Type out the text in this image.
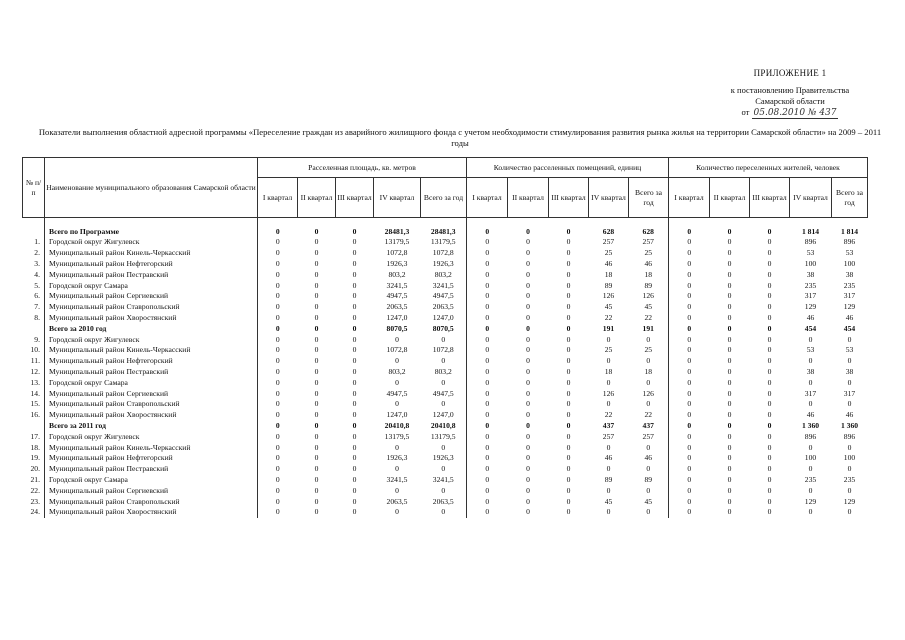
ПРИЛОЖЕНИЕ 1
к постановлению Правительства
Самарской области
от 05.08.2010 № 437
Показатели выполнения областной адресной программы «Переселение граждан из аварийного жилищного фонда с учетом необходимости стимулирования развития рынка жилья на территории Самарской области» на 2009 – 2011 годы
№ п/п	Наименование муниципального образования Самарской области	Расселенная площадь, кв. метров					Количество расселенных помещений, единиц					Количество переселенных жителей, человек				
		I квартал	II квартал	III квартал	IV квартал	Всего за год	I квартал	II квартал	III квартал	IV квартал	Всего за год	I квартал	II квартал	III квартал	IV квартал	Всего за год

	Всего по Программе	0	0	0	28481,3	28481,3	0	0	0	628	628	0	0	0	1 814	1 814
1.	Городской округ Жигулевск	0	0	0	13179,5	13179,5	0	0	0	257	257	0	0	0	896	896
2.	Муниципальный район Кинель-Черкасский	0	0	0	1072,8	1072,8	0	0	0	25	25	0	0	0	53	53
3.	Муниципальный район Нефтегорский	0	0	0	1926,3	1926,3	0	0	0	46	46	0	0	0	100	100
4.	Муниципальный район Пестравский	0	0	0	803,2	803,2	0	0	0	18	18	0	0	0	38	38
5.	Городской округ Самара	0	0	0	3241,5	3241,5	0	0	0	89	89	0	0	0	235	235
6.	Муниципальный район Сергиевский	0	0	0	4947,5	4947,5	0	0	0	126	126	0	0	0	317	317
7.	Муниципальный район Ставропольский	0	0	0	2063,5	2063,5	0	0	0	45	45	0	0	0	129	129
8.	Муниципальный район Хворостянский	0	0	0	1247,0	1247,0	0	0	0	22	22	0	0	0	46	46
	Всего за 2010 год	0	0	0	8070,5	8070,5	0	0	0	191	191	0	0	0	454	454
9.	Городской округ Жигулевск	0	0	0	0	0	0	0	0	0	0	0	0	0	0	0
10.	Муниципальный район Кинель-Черкасский	0	0	0	1072,8	1072,8	0	0	0	25	25	0	0	0	53	53
11.	Муниципальный район Нефтегорский	0	0	0	0	0	0	0	0	0	0	0	0	0	0	0
12.	Муниципальный район Пестравский	0	0	0	803,2	803,2	0	0	0	18	18	0	0	0	38	38
13.	Городской округ Самара	0	0	0	0	0	0	0	0	0	0	0	0	0	0	0
14.	Муниципальный район Сергиевский	0	0	0	4947,5	4947,5	0	0	0	126	126	0	0	0	317	317
15.	Муниципальный район Ставропольский	0	0	0	0	0	0	0	0	0	0	0	0	0	0	0
16.	Муниципальный район Хворостянский	0	0	0	1247,0	1247,0	0	0	0	22	22	0	0	0	46	46
	Всего за 2011 год	0	0	0	20410,8	20410,8	0	0	0	437	437	0	0	0	1 360	1 360
17.	Городской округ Жигулевск	0	0	0	13179,5	13179,5	0	0	0	257	257	0	0	0	896	896
18.	Муниципальный район Кинель-Черкасский	0	0	0	0	0	0	0	0	0	0	0	0	0	0	0
19.	Муниципальный район Нефтегорский	0	0	0	1926,3	1926,3	0	0	0	46	46	0	0	0	100	100
20.	Муниципальный район Пестравский	0	0	0	0	0	0	0	0	0	0	0	0	0	0	0
21.	Городской округ Самара	0	0	0	3241,5	3241,5	0	0	0	89	89	0	0	0	235	235
22.	Муниципальный район Сергиевский	0	0	0	0	0	0	0	0	0	0	0	0	0	0	0
23.	Муниципальный район Ставропольский	0	0	0	2063,5	2063,5	0	0	0	45	45	0	0	0	129	129
24.	Муниципальный район Хворостянский	0	0	0	0	0	0	0	0	0	0	0	0	0	0	0
